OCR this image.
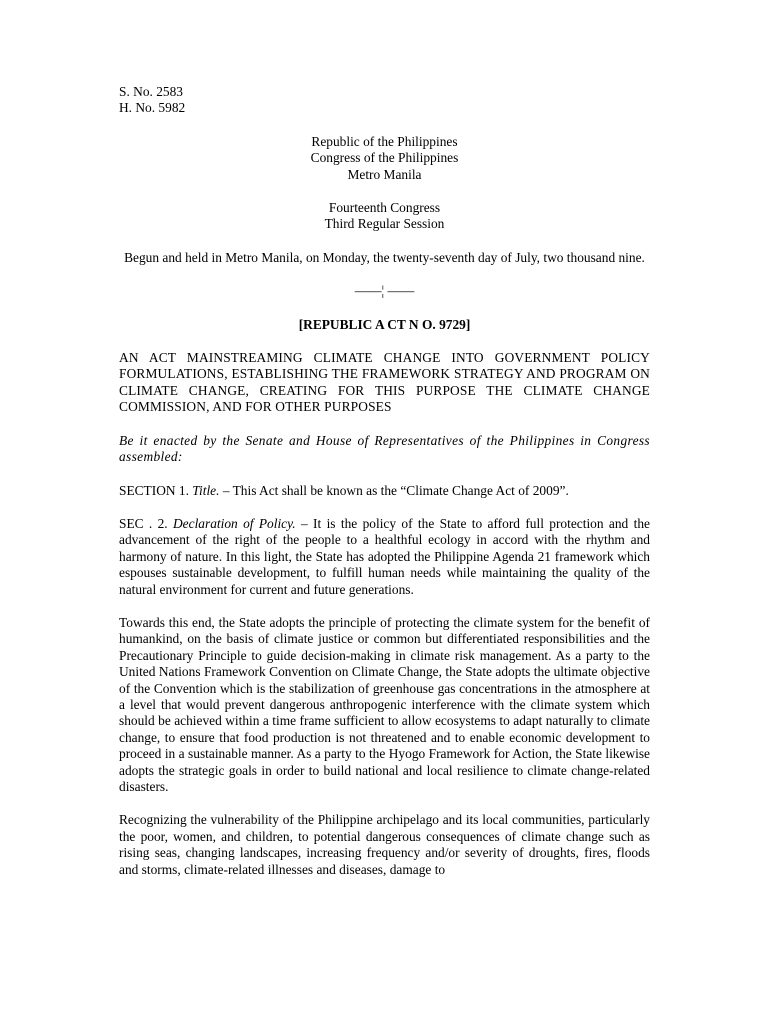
S. No. 2583

H. No. 5982

Republic of the Philippines

Congress of the Philippines

Metro Manila

Fourteenth Congress

Third Regular Session

Begun and held in Metro Manila, on Monday, the twenty-seventh day of July, two thousand nine.

——¦ ——

[REPUBLIC A CT N O. 9729]

AN ACT MAINSTREAMING CLIMATE CHANGE INTO GOVERNMENT POLICY FORMULATIONS, ESTABLISHING THE FRAMEWORK STRATEGY AND PROGRAM ON CLIMATE CHANGE, CREATING FOR THIS PURPOSE THE CLIMATE CHANGE COMMISSION, AND FOR OTHER PURPOSES

Be it enacted by the Senate and House of Representatives of the Philippines in Congress assembled:

SECTION 1. Title. – This Act shall be known as the “Climate Change Act of 2009”.

SEC . 2. Declaration of Policy. – It is the policy of the State to afford full protection and the advancement of the right of the people to a healthful ecology in accord with the rhythm and harmony of nature. In this light, the State has adopted the Philippine Agenda 21 framework which espouses sustainable development, to fulfill human needs while maintaining the quality of the natural environment for current and future generations.

Towards this end, the State adopts the principle of protecting the climate system for the benefit of humankind, on the basis of climate justice or common but differentiated responsibilities and the Precautionary Principle to guide decision-making in climate risk management. As a party to the United Nations Framework Convention on Climate Change, the State adopts the ultimate objective of the Convention which is the stabilization of greenhouse gas concentrations in the atmosphere at a level that would prevent dangerous anthropogenic interference with the climate system which should be achieved within a time frame sufficient to allow ecosystems to adapt naturally to climate change, to ensure that food production is not threatened and to enable economic development to proceed in a sustainable manner. As a party to the Hyogo Framework for Action, the State likewise adopts the strategic goals in order to build national and local resilience to climate change-related disasters.

Recognizing the vulnerability of the Philippine archipelago and its local communities, particularly the poor, women, and children, to potential dangerous consequences of climate change such as rising seas, changing landscapes, increasing frequency and/or severity of droughts, fires, floods and storms, climate-related illnesses and diseases, damage to
